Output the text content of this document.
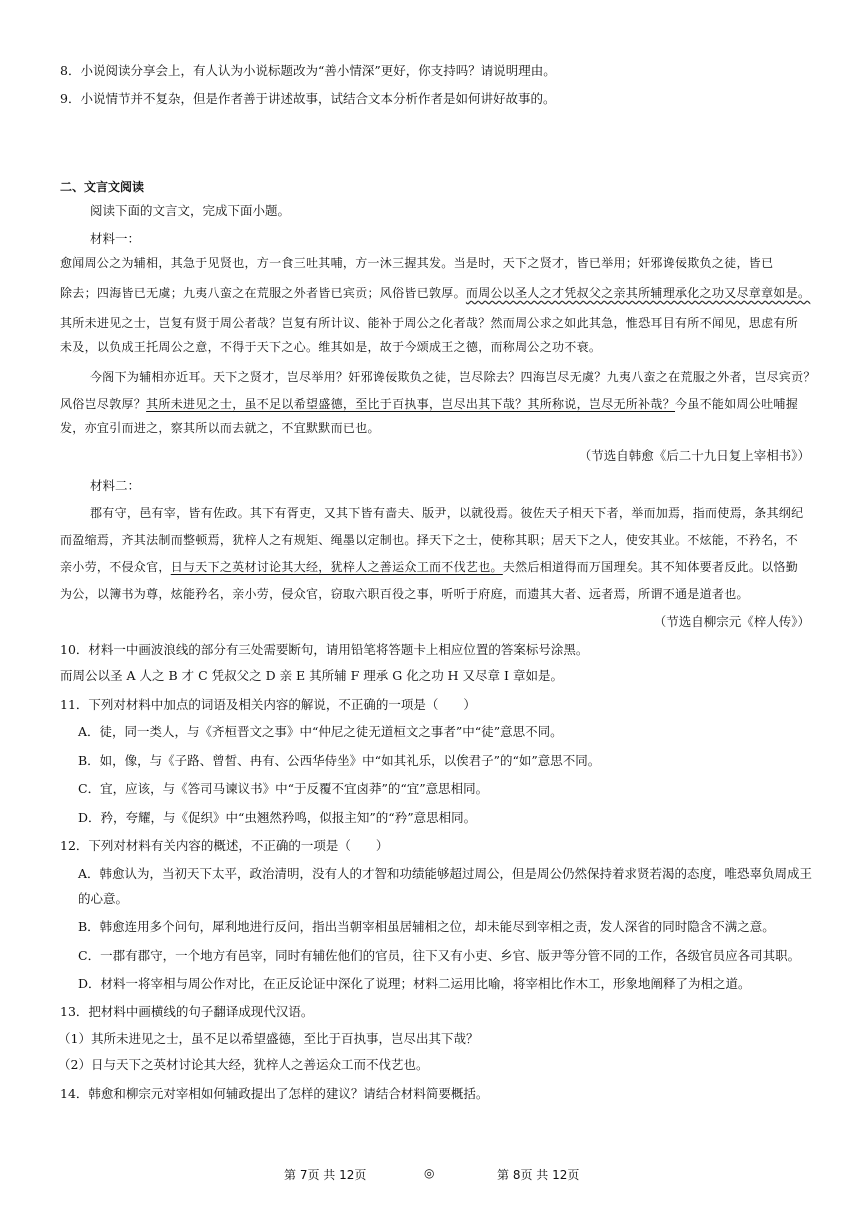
8．小说阅读分享会上，有人认为小说标题改为“善小情深”更好，你支持吗？请说明理由。
9．小说情节并不复杂，但是作者善于讲述故事，试结合文本分析作者是如何讲好故事的。
二、文言文阅读
阅读下面的文言文，完成下面小题。
材料一：
愈闻周公之为辅相，其急于见贤也，方一食三吐其哺，方一沐三握其发。当是时，天下之贤才，皆已举用；奸邪谗佞欺负之徒，皆已
除去；四海皆已无虞；九夷八蛮之在荒服之外者皆已宾贡；风俗皆已敦厚。而周公以圣人之才凭叔父之亲其所辅理承化之功又尽章章如是。
其所未进见之士，岂复有贤于周公者哉？岂复有所计议、能补于周公之化者哉？然而周公求之如此其急，惟恐耳目有所不闻见，思虑有所
未及，以负成王托周公之意，不得于天下之心。维其如是，故于今颂成王之德，而称周公之功不衰。
今阁下为辅相亦近耳。天下之贤才，岂尽举用？奸邪谗佞欺负之徒，岂尽除去？四海岂尽无虞？九夷八蛮之在荒服之外者，岂尽宾贡？
风俗岂尽敦厚？其所未进见之士，虽不足以希望盛德，至比于百执事，岂尽出其下哉？其所称说，岂尽无所补哉？今虽不能如周公吐哺握
发，亦宜引而进之，察其所以而去就之，不宜默默而已也。
（节选自韩愈《后二十九日复上宰相书》）
材料二：
郡有守，邑有宰，皆有佐政。其下有胥吏，又其下皆有啬夫、版尹，以就役焉。彼佐天子相天下者，举而加焉，指而使焉，条其纲纪
而盈缩焉，齐其法制而整顿焉，犹梓人之有规矩、绳墨以定制也。择天下之士，使称其职；居天下之人，使安其业。不炫能，不矜名，不
亲小劳，不侵众官，日与天下之英材讨论其大经，犹梓人之善运众工而不伐艺也。夫然后相道得而万国理矣。其不知体要者反此。以恪勤
为公，以簿书为尊，炫能矜名，亲小劳，侵众官，窃取六职百役之事，听听于府庭，而遗其大者、远者焉，所谓不通是道者也。
（节选自柳宗元《梓人传》）
10．材料一中画波浪线的部分有三处需要断句，请用铅笔将答题卡上相应位置的答案标号涂黑。
而周公以圣 A 人之 B 才 C 凭叔父之 D 亲 E 其所辅 F 理承 G 化之功 H 又尽章 I 章如是。
11．下列对材料中加点的词语及相关内容的解说，不正确的一项是（　　）
A．徒，同一类人，与《齐桓晋文之事》中“仲尼之徒无道桓文之事者”中“徒”意思不同。
B．如，像，与《子路、曾皙、冉有、公西华侍坐》中“如其礼乐，以俟君子”的“如”意思不同。
C．宜，应该，与《答司马谏议书》中“于反覆不宜卤莽”的“宜”意思相同。
D．矜，夸耀，与《促织》中“虫翘然矜鸣，似报主知”的“矜”意思相同。
12．下列对材料有关内容的概述，不正确的一项是（　　）
A．韩愈认为，当初天下太平，政治清明，没有人的才智和功绩能够超过周公，但是周公仍然保持着求贤若渴的态度，唯恐辜负周成王
的心意。
B．韩愈连用多个问句，犀利地进行反问，指出当朝宰相虽居辅相之位，却未能尽到宰相之责，发人深省的同时隐含不满之意。
C．一郡有郡守，一个地方有邑宰，同时有辅佐他们的官员，往下又有小吏、乡官、版尹等分管不同的工作，各级官员应各司其职。
D．材料一将宰相与周公作对比，在正反论证中深化了说理；材料二运用比喻，将宰相比作木工，形象地阐释了为相之道。
13．把材料中画横线的句子翻译成现代汉语。
（1）其所未进见之士，虽不足以希望盛德，至比于百执事，岂尽出其下哉？
（2）日与天下之英材讨论其大经，犹梓人之善运众工而不伐艺也。
14．韩愈和柳宗元对宰相如何辅政提出了怎样的建议？请结合材料简要概括。
第 7页 共 12页	◎	第 8页 共 12页
